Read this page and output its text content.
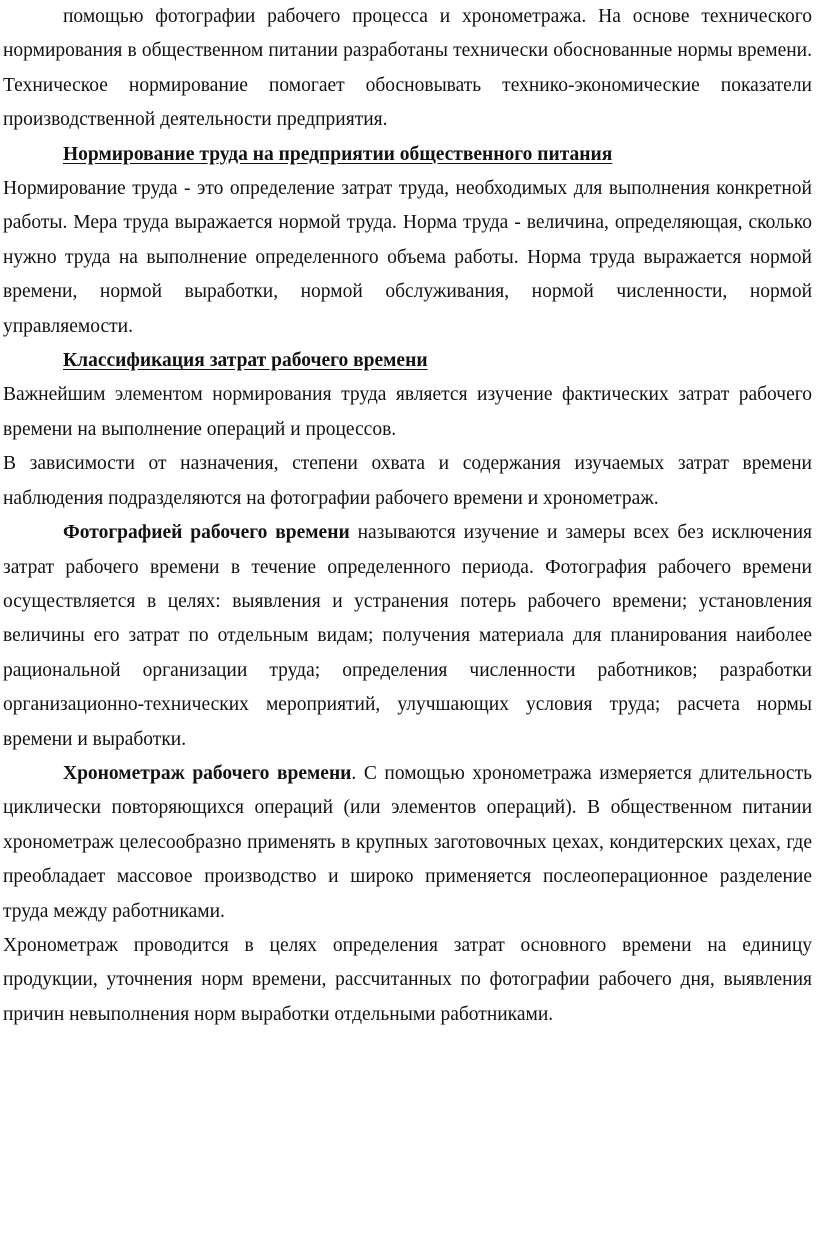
помощью фотографии рабочего процесса и хронометража. На основе технического нормирования в общественном питании разработаны технически обоснованные нормы времени. Техническое нормирование помогает обосновывать технико-экономические показатели производственной деятельности предприятия.

Нормирование труда на предприятии общественного питания

Нормирование труда - это определение затрат труда, необходимых для выполнения конкретной работы. Мера труда выражается нормой труда. Норма труда - величина, определяющая, сколько нужно труда на выполнение определенного объема работы. Норма труда выражается нормой времени, нормой выработки, нормой обслуживания, нормой численности, нормой управляемости.

Классификация затрат рабочего времени

Важнейшим элементом нормирования труда является изучение фактических затрат рабочего времени на выполнение операций и процессов.

В зависимости от назначения, степени охвата и содержания изучаемых затрат времени наблюдения подразделяются на фотографии рабочего времени и хронометраж.

Фотографией рабочего времени называются изучение и замеры всех без исключения затрат рабочего времени в течение определенного периода. Фотография рабочего времени осуществляется в целях: выявления и устранения потерь рабочего времени; установления величины его затрат по отдельным видам; получения материала для планирования наиболее рациональной организации труда; определения численности работников; разработки организационно-технических мероприятий, улучшающих условия труда; расчета нормы времени и выработки.

Хронометраж рабочего времени. С помощью хронометража измеряется длительность циклически повторяющихся операций (или элементов операций). В общественном питании хронометраж целесообразно применять в крупных заготовочных цехах, кондитерских цехах, где преобладает массовое производство и широко применяется послеоперационное разделение труда между работниками.

Хронометраж проводится в целях определения затрат основного времени на единицу продукции, уточнения норм времени, рассчитанных по фотографии рабочего дня, выявления причин невыполнения норм выработки отдельными работниками.
